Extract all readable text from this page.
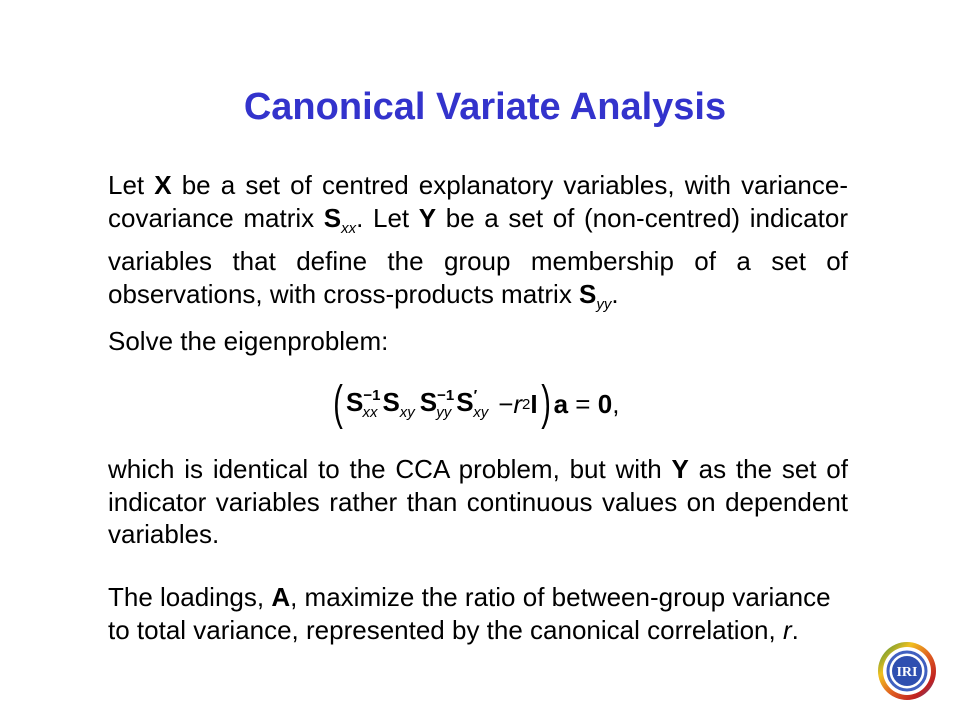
Canonical Variate Analysis
Let X be a set of centred explanatory variables, with variance-covariance matrix $S_{xx}$. Let Y be a set of (non-centred) indicator variables that define the group membership of a set of observations, with cross-products matrix $S_{yy}$.
Solve the eigenproblem:
( $S^{-1}_{xx}$ $S_{xy}$ $S^{-1}_{yy}$ $S'_{xy} - r$ 2 I ) a = 0 ,
which is identical to the CCA problem, but with Y as the set of indicator variables rather than continuous values on dependent variables.
The loadings, A, maximize the ratio of between-group variance to total variance, represented by the canonical correlation, r.
IRI
